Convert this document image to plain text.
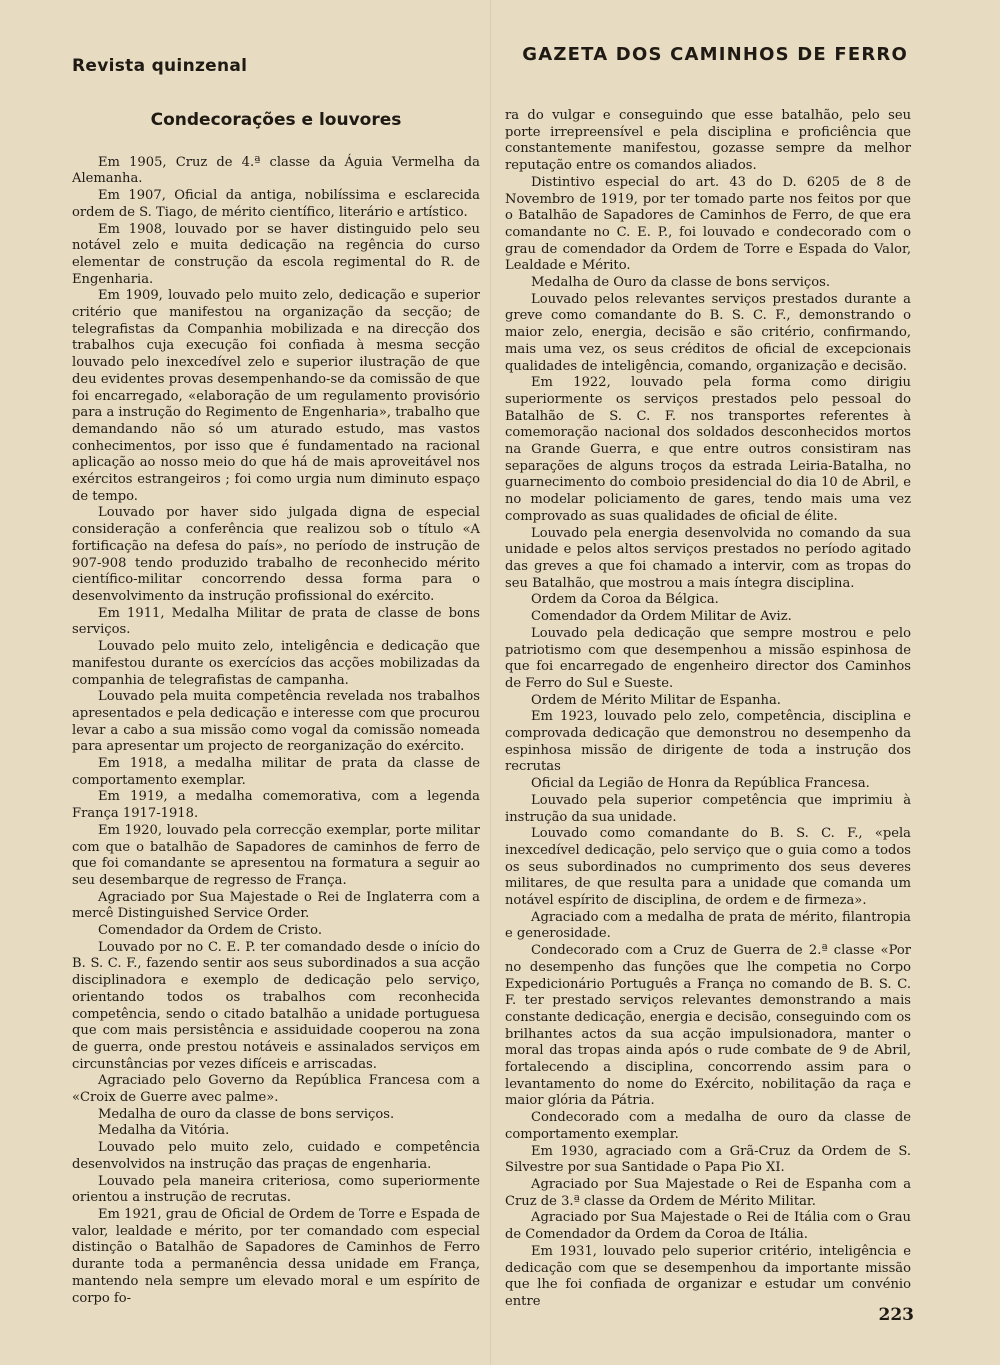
Revista quinzenal
GAZETA DOS CAMINHOS DE FERRO

Condecorações e louvores

Em 1905, Cruz de 4.ª classe da Águia Vermelha da Alemanha.

Em 1907, Oficial da antiga, nobilíssima e esclarecida ordem de S. Tiago, de mérito científico, literário e artístico.

Em 1908, louvado por se haver distinguido pelo seu notável zelo e muita dedicação na regência do curso elementar de construção da escola regimental do R. de Engenharia.

Em 1909, louvado pelo muito zelo, dedicação e superior critério que manifestou na organização da secção; de telegrafistas da Companhia mobilizada e na direcção dos trabalhos cuja execução foi confiada à mesma secção louvado pelo inexcedível zelo e superior ilustração de que deu evidentes provas desempenhando-se da comissão de que foi encarregado, «elaboração de um regulamento provisório para a instrução do Regimento de Engenharia», trabalho que demandando não só um aturado estudo, mas vastos conhecimentos, por isso que é fundamentado na racional aplicação ao nosso meio do que há de mais aproveitável nos exércitos estrangeiros ; foi como urgia num diminuto espaço de tempo.

Louvado por haver sido julgada digna de especial consideração a conferência que realizou sob o título «A fortificação na defesa do país», no período de instrução de 907-908 tendo produzido trabalho de reconhecido mérito científico-militar concorrendo dessa forma para o desenvolvimento da instrução profissional do exército.

Em 1911, Medalha Militar de prata de classe de bons serviços.

Louvado pelo muito zelo, inteligência e dedicação que manifestou durante os exercícios das acções mobilizadas da companhia de telegrafistas de campanha.

Louvado pela muita competência revelada nos trabalhos apresentados e pela dedicação e interesse com que procurou levar a cabo a sua missão como vogal da comissão nomeada para apresentar um projecto de reorganização do exército.

Em 1918, a medalha militar de prata da classe de comportamento exemplar.

Em 1919, a medalha comemorativa, com a legenda França 1917-1918.

Em 1920, louvado pela correcção exemplar, porte militar com que o batalhão de Sapadores de caminhos de ferro de que foi comandante se apresentou na formatura a seguir ao seu desembarque de regresso de França.

Agraciado por Sua Majestade o Rei de Inglaterra com a mercê Distinguished Service Order.

Comendador da Ordem de Cristo.

Louvado por no C. E. P. ter comandado desde o início do B. S. C. F., fazendo sentir aos seus subordinados a sua acção disciplinadora e exemplo de dedicação pelo serviço, orientando todos os trabalhos com reconhecida competência, sendo o citado batalhão a unidade portuguesa que com mais persistência e assiduidade cooperou na zona de guerra, onde prestou notáveis e assinalados serviços em circunstâncias por vezes difíceis e arriscadas.

Agraciado pelo Governo da República Francesa com a «Croix de Guerre avec palme».

Medalha de ouro da classe de bons serviços.

Medalha da Vitória.

Louvado pelo muito zelo, cuidado e competência desenvolvidos na instrução das praças de engenharia.

Louvado pela maneira criteriosa, como superiormente orientou a instrução de recrutas.

Em 1921, grau de Oficial de Ordem de Torre e Espada de valor, lealdade e mérito, por ter comandado com especial distinção o Batalhão de Sapadores de Caminhos de Ferro durante toda a permanência dessa unidade em França, mantendo nela sempre um elevado moral e um espírito de corpo fo-

ra do vulgar e conseguindo que esse batalhão, pelo seu porte irrepreensível e pela disciplina e proficiência que constantemente manifestou, gozasse sempre da melhor reputação entre os comandos aliados.

Distintivo especial do art. 43 do D. 6205 de 8 de Novembro de 1919, por ter tomado parte nos feitos por que o Batalhão de Sapadores de Caminhos de Ferro, de que era comandante no C. E. P., foi louvado e condecorado com o grau de comendador da Ordem de Torre e Espada do Valor, Lealdade e Mérito.

Medalha de Ouro da classe de bons serviços.

Louvado pelos relevantes serviços prestados durante a greve como comandante do B. S. C. F., demonstrando o maior zelo, energia, decisão e são critério, confirmando, mais uma vez, os seus créditos de oficial de excepcionais qualidades de inteligência, comando, organização e decisão.

Em 1922, louvado pela forma como dirigiu superiormente os serviços prestados pelo pessoal do Batalhão de S. C. F. nos transportes referentes à comemoração nacional dos soldados desconhecidos mortos na Grande Guerra, e que entre outros consistiram nas separações de alguns troços da estrada Leiria-Batalha, no guarnecimento do comboio presidencial do dia 10 de Abril, e no modelar policiamento de gares, tendo mais uma vez comprovado as suas qualidades de oficial de élite.

Louvado pela energia desenvolvida no comando da sua unidade e pelos altos serviços prestados no período agitado das greves a que foi chamado a intervir, com as tropas do seu Batalhão, que mostrou a mais íntegra disciplina.

Ordem da Coroa da Bélgica.

Comendador da Ordem Militar de Aviz.

Louvado pela dedicação que sempre mostrou e pelo patriotismo com que desempenhou a missão espinhosa de que foi encarregado de engenheiro director dos Caminhos de Ferro do Sul e Sueste.

Ordem de Mérito Militar de Espanha.

Em 1923, louvado pelo zelo, competência, disciplina e comprovada dedicação que demonstrou no desempenho da espinhosa missão de dirigente de toda a instrução dos recrutas

Oficial da Legião de Honra da República Francesa.

Louvado pela superior competência que imprimiu à instrução da sua unidade.

Louvado como comandante do B. S. C. F., «pela inexcedível dedicação, pelo serviço que o guia como a todos os seus subordinados no cumprimento dos seus deveres militares, de que resulta para a unidade que comanda um notável espírito de disciplina, de ordem e de firmeza».

Agraciado com a medalha de prata de mérito, filantropia e generosidade.

Condecorado com a Cruz de Guerra de 2.ª classe «Por no desempenho das funções que lhe competia no Corpo Expedicionário Português a França no comando de B. S. C. F. ter prestado serviços relevantes demonstrando a mais constante dedicação, energia e decisão, conseguindo com os brilhantes actos da sua acção impulsionadora, manter o moral das tropas ainda após o rude combate de 9 de Abril, fortalecendo a disciplina, concorrendo assim para o levantamento do nome do Exército, nobilitação da raça e maior glória da Pátria.

Condecorado com a medalha de ouro da classe de comportamento exemplar.

Em 1930, agraciado com a Grã-Cruz da Ordem de S. Silvestre por sua Santidade o Papa Pio XI.

Agraciado por Sua Majestade o Rei de Espanha com a Cruz de 3.ª classe da Ordem de Mérito Militar.

Agraciado por Sua Majestade o Rei de Itália com o Grau de Comendador da Ordem da Coroa de Itália.

Em 1931, louvado pelo superior critério, inteligência e dedicação com que se desempenhou da importante missão que lhe foi confiada de organizar e estudar um convénio entre

223
